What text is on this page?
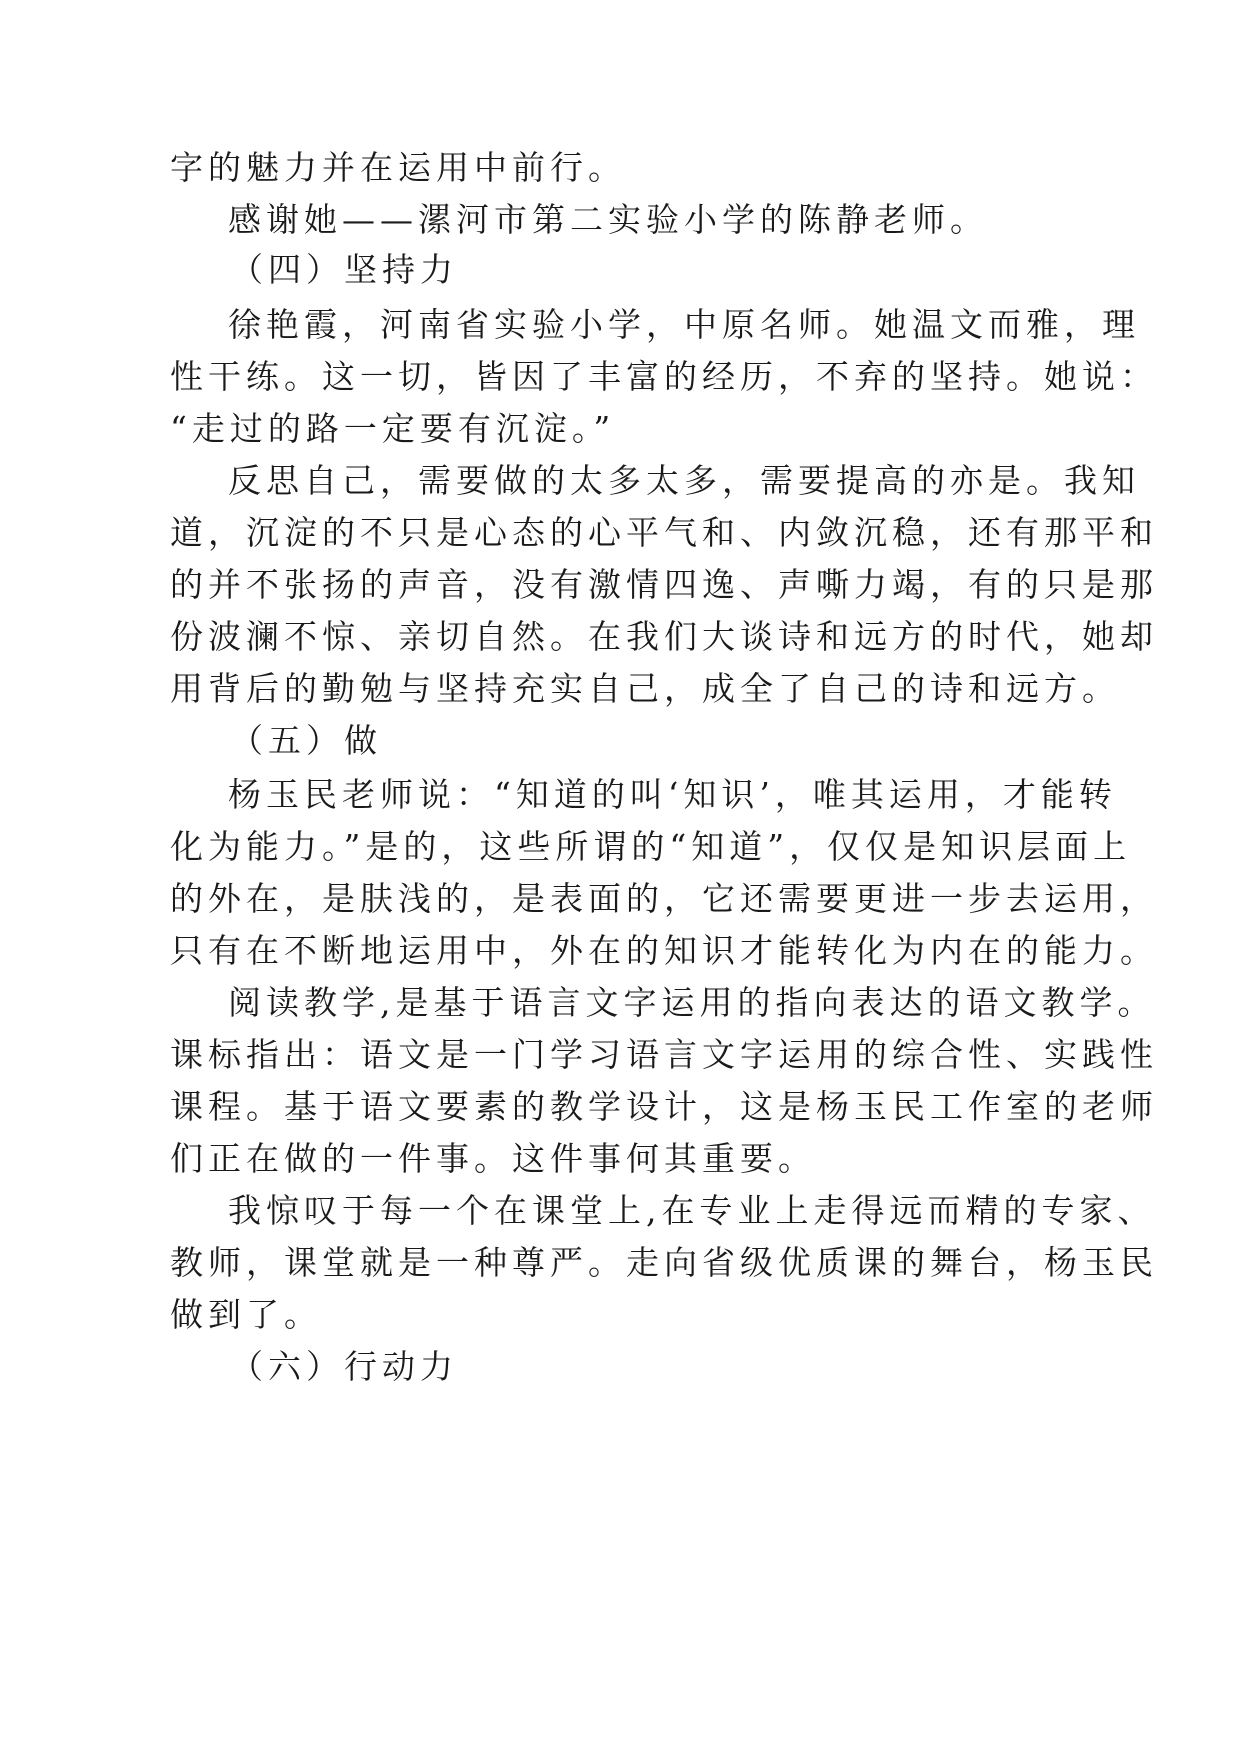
字的魅力并在运用中前行。
感谢她——漯河市第二实验小学的陈静老师。
（四）坚持力
徐艳霞，河南省实验小学，中原名师。她温文而雅，理
性干练。这一切，皆因了丰富的经历，不弃的坚持。她说：
“走过的路一定要有沉淀。”
反思自己，需要做的太多太多，需要提高的亦是。我知
道，沉淀的不只是心态的心平气和、内敛沉稳，还有那平和
的并不张扬的声音，没有激情四逸、声嘶力竭，有的只是那
份波澜不惊、亲切自然。在我们大谈诗和远方的时代，她却
用背后的勤勉与坚持充实自己，成全了自己的诗和远方。
（五）做
杨玉民老师说：“知道的叫‘知识’，唯其运用，才能转
化为能力。”是的，这些所谓的“知道”，仅仅是知识层面上
的外在，是肤浅的，是表面的，它还需要更进一步去运用，
只有在不断地运用中，外在的知识才能转化为内在的能力。
阅读教学,是基于语言文字运用的指向表达的语文教学。
课标指出：语文是一门学习语言文字运用的综合性、实践性
课程。基于语文要素的教学设计，这是杨玉民工作室的老师
们正在做的一件事。这件事何其重要。
我惊叹于每一个在课堂上,在专业上走得远而精的专家、
教师，课堂就是一种尊严。走向省级优质课的舞台，杨玉民
做到了。
（六）行动力
